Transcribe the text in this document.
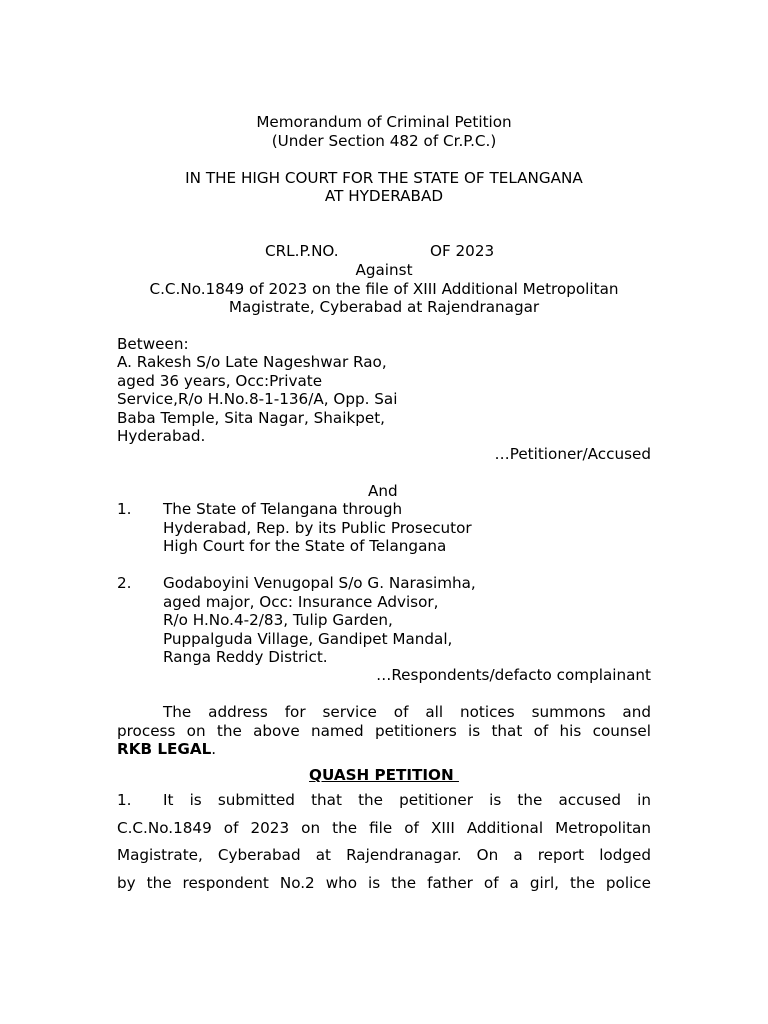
Memorandum of Criminal Petition
(Under Section 482 of Cr.P.C.)
IN THE HIGH COURT FOR THE STATE OF TELANGANA
AT HYDERABAD
CRL.P.NO.	OF 2023
Against
C.C.No.1849 of 2023 on the file of XIII Additional Metropolitan
Magistrate, Cyberabad at Rajendranagar
Between:
A. Rakesh S/o Late Nageshwar Rao,
aged 36 years, Occ:Private
Service,R/o H.No.8-1-136/A, Opp. Sai
Baba Temple, Sita Nagar, Shaikpet,
Hyderabad.
…Petitioner/Accused
And
1.	The State of Telangana through
Hyderabad, Rep. by its Public Prosecutor
High Court for the State of Telangana
2.	Godaboyini Venugopal S/o G. Narasimha,
aged major, Occ: Insurance Advisor,
R/o H.No.4-2/83, Tulip Garden,
Puppalguda Village, Gandipet Mandal,
Ranga Reddy District.
…Respondents/defacto complainant
The address for service of all notices summons and
process on the above named petitioners is that of his counsel
RKB LEGAL.
QUASH PETITION
1.	It is submitted that the petitioner is the accused in
C.C.No.1849 of 2023 on the file of XIII Additional Metropolitan
Magistrate, Cyberabad at Rajendranagar. On a report lodged
by the respondent No.2 who is the father of a girl, the police
